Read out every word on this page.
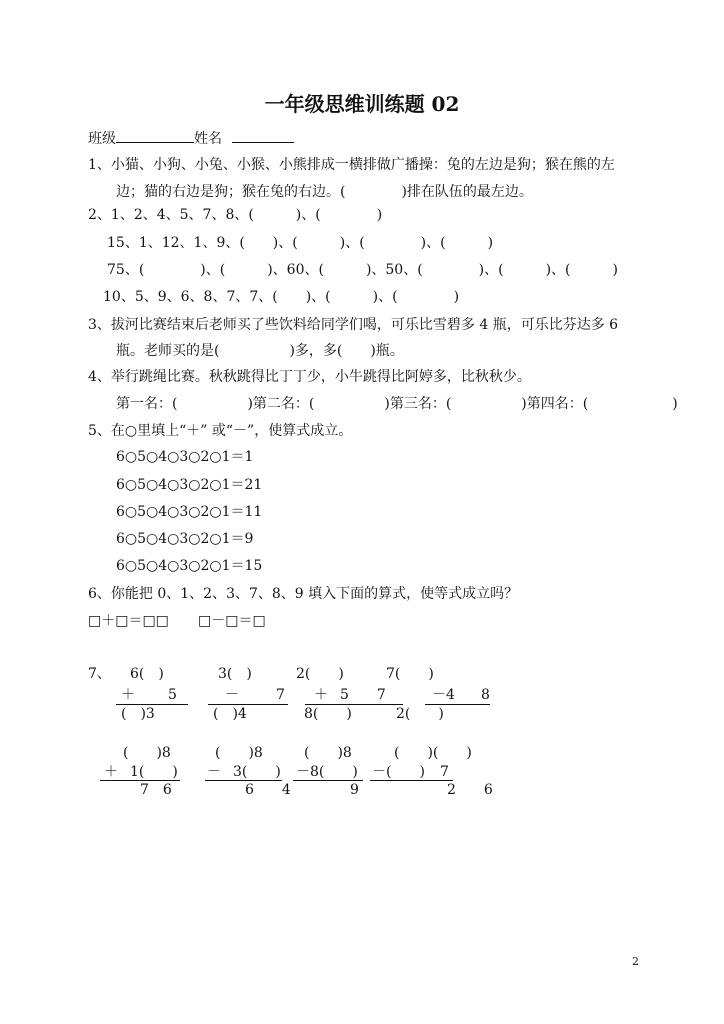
一年级思维训练题 02
班级	姓名
1、小猫、小狗、小兔、小猴、小熊排成一横排做广播操：兔的左边是狗；猴在熊的左
边；猫的右边是狗；猴在兔的右边。(　　　　)排在队伍的最左边。
2、1、2、4、5、7、8、(　　　)、(　　　　)
15、1、12、1、9、(　　)、(　　　)、(　　　　)、(　　　)
75、(　　　　)、(　　　)、60、(　　　)、50、(　　　　)、(　　　)、(　　　)
10、5、9、6、8、7、7、(　　)、(　　　)、(　　　　)
3、拔河比赛结束后老师买了些饮料给同学们喝，可乐比雪碧多 4 瓶，可乐比芬达多 6
瓶。老师买的是(　　　　　)多，多(　　)瓶。
4、举行跳绳比赛。秋秋跳得比丁丁少，小牛跳得比阿婷多，比秋秋少。
第一名：(　　　　　)第二名：(　　　　　)第三名：(　　　　　)第四名：(　　　　　　)
5、在○里填上“＋” 或“－”，使算式成立。
6○5○4○3○2○1＝1
6○5○4○3○2○1＝21
6○5○4○3○2○1＝11
6○5○4○3○2○1＝9
6○5○4○3○2○1＝15
6、你能把 0、1、2、3、7、8、9 填入下面的算式，使等式成立吗？
□＋□＝□□ □－□＝□
7、 6(　)
＋ 5
(　)3
3(　)
－	7
(　)4
2(　　)
＋ 5　　7
8(　　)
7(　　)
－4 8
2(　　)
(　　)8
＋ 1(　　)
7　6
(　　)8
－ 3(　　)
6　　4
(　　)8
－8(　　)
9
(　　)(　　)
－(　　) 7
2　　6
2
